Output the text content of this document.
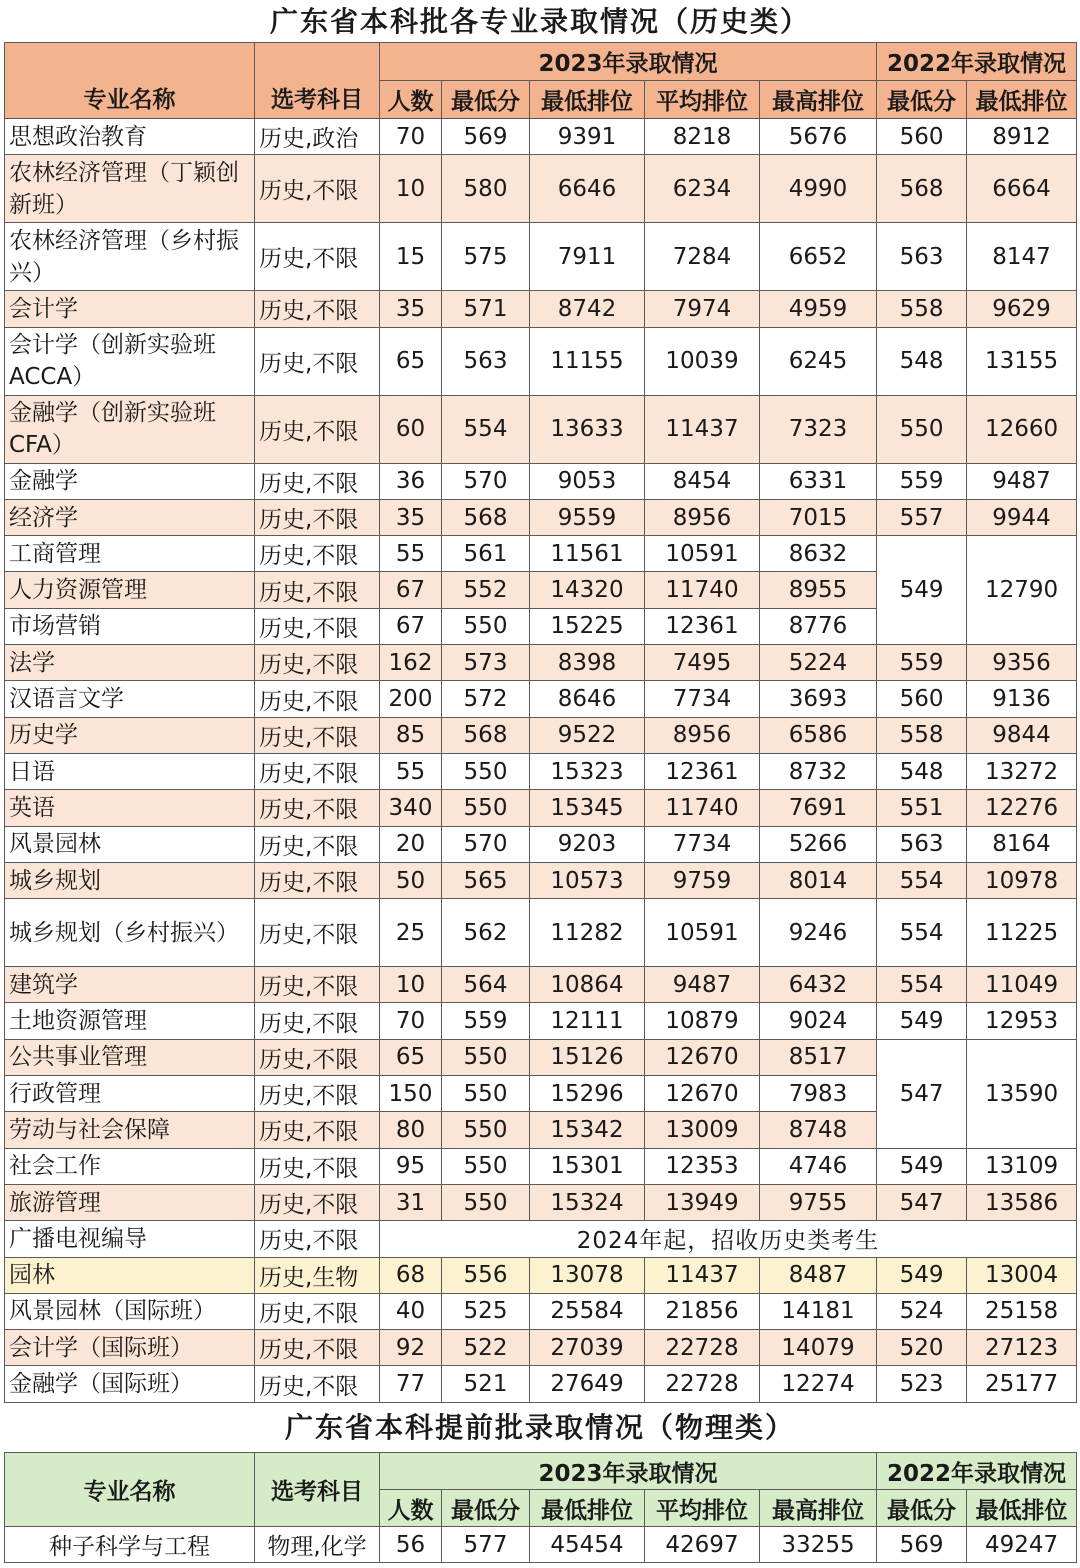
广东省本科批各专业录取情况（历史类）
专业名称	选考科目	2023年录取情况					2022年录取情况	
		人数	最低分	最低排位	平均排位	最高排位	最低分	最低排位
思想政治教育	历史,政治	70	569	9391	8218	5676	560	8912
农林经济管理（丁颖创新班）	历史,不限	10	580	6646	6234	4990	568	6664
农林经济管理（乡村振兴）	历史,不限	15	575	7911	7284	6652	563	8147
会计学	历史,不限	35	571	8742	7974	4959	558	9629
会计学（创新实验班ACCA）	历史,不限	65	563	11155	10039	6245	548	13155
金融学（创新实验班CFA）	历史,不限	60	554	13633	11437	7323	550	12660
金融学	历史,不限	36	570	9053	8454	6331	559	9487
经济学	历史,不限	35	568	9559	8956	7015	557	9944
工商管理	历史,不限	55	561	11561	10591	8632	549	12790
人力资源管理	历史,不限	67	552	14320	11740	8955		
市场营销	历史,不限	67	550	15225	12361	8776		
法学	历史,不限	162	573	8398	7495	5224	559	9356
汉语言文学	历史,不限	200	572	8646	7734	3693	560	9136
历史学	历史,不限	85	568	9522	8956	6586	558	9844
日语	历史,不限	55	550	15323	12361	8732	548	13272
英语	历史,不限	340	550	15345	11740	7691	551	12276
风景园林	历史,不限	20	570	9203	7734	5266	563	8164
城乡规划	历史,不限	50	565	10573	9759	8014	554	10978
城乡规划（乡村振兴）	历史,不限	25	562	11282	10591	9246	554	11225
建筑学	历史,不限	10	564	10864	9487	6432	554	11049
土地资源管理	历史,不限	70	559	12111	10879	9024	549	12953
公共事业管理	历史,不限	65	550	15126	12670	8517	547	13590
行政管理	历史,不限	150	550	15296	12670	7983		
劳动与社会保障	历史,不限	80	550	15342	13009	8748		
社会工作	历史,不限	95	550	15301	12353	4746	549	13109
旅游管理	历史,不限	31	550	15324	13949	9755	547	13586
广播电视编导	历史,不限	2024年起，招收历史类考生						
园林	历史,生物	68	556	13078	11437	8487	549	13004
风景园林（国际班）	历史,不限	40	525	25584	21856	14181	524	25158
会计学（国际班）	历史,不限	92	522	27039	22728	14079	520	27123
金融学（国际班）	历史,不限	77	521	27649	22728	12274	523	25177
广东省本科提前批录取情况（物理类）
专业名称	选考科目	2023年录取情况					2022年录取情况	
		人数	最低分	最低排位	平均排位	最高排位	最低分	最低排位
种子科学与工程	物理,化学	56	577	45454	42697	33255	569	49247
